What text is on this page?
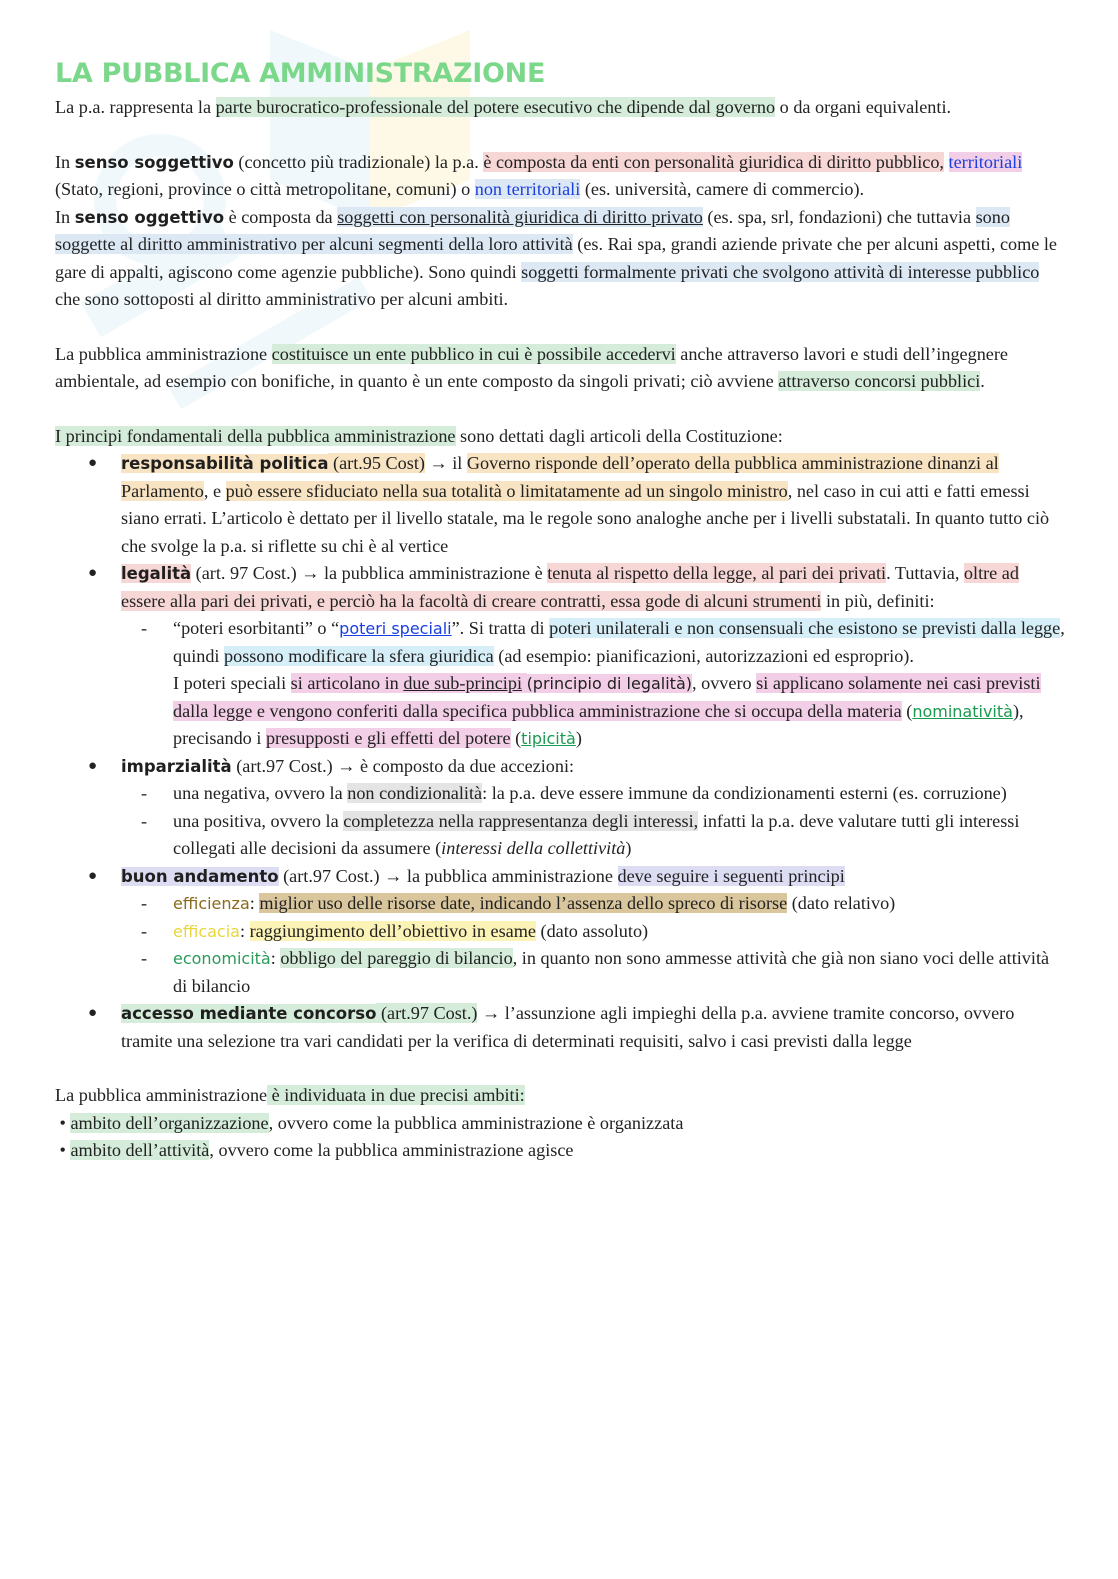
LA PUBBLICA AMMINISTRAZIONE

La p.a. rappresenta la parte burocratico-professionale del potere esecutivo che dipende dal governo o da organi equivalenti.

In senso soggettivo (concetto più tradizionale) la p.a. è composta da enti con personalità giuridica di diritto pubblico, territoriali (Stato, regioni, province o città metropolitane, comuni) o non territoriali (es. università, camere di commercio).
In senso oggettivo è composta da soggetti con personalità giuridica di diritto privato (es. spa, srl, fondazioni) che tuttavia sono soggette al diritto amministrativo per alcuni segmenti della loro attività (es. Rai spa, grandi aziende private che per alcuni aspetti, come le gare di appalti, agiscono come agenzie pubbliche). Sono quindi soggetti formalmente privati che svolgono attività di interesse pubblico che sono sottoposti al diritto amministrativo per alcuni ambiti.

La pubblica amministrazione costituisce un ente pubblico in cui è possibile accedervi anche attraverso lavori e studi dell’ingegnere ambientale, ad esempio con bonifiche, in quanto è un ente composto da singoli privati; ciò avviene attraverso concorsi pubblici.

I principi fondamentali della pubblica amministrazione sono dettati dagli articoli della Costituzione:

● responsabilità politica (art.95 Cost) → il Governo risponde dell’operato della pubblica amministrazione dinanzi al Parlamento, e può essere sfiduciato nella sua totalità o limitatamente ad un singolo ministro, nel caso in cui atti e fatti emessi siano errati. L’articolo è dettato per il livello statale, ma le regole sono analoghe anche per i livelli substatali. In quanto tutto ciò che svolge la p.a. si riflette su chi è al vertice
● legalità (art. 97 Cost.) → la pubblica amministrazione è tenuta al rispetto della legge, al pari dei privati. Tuttavia, oltre ad essere alla pari dei privati, e perciò ha la facoltà di creare contratti, essa gode di alcuni strumenti in più, definiti:
- “poteri esorbitanti” o “poteri speciali”. Si tratta di poteri unilaterali e non consensuali che esistono se previsti dalla legge, quindi possono modificare la sfera giuridica (ad esempio: pianificazioni, autorizzazioni ed esproprio).
I poteri speciali si articolano in due sub-principi (principio di legalità), ovvero si applicano solamente nei casi previsti dalla legge e vengono conferiti dalla specifica pubblica amministrazione che si occupa della materia (nominatività), precisando i presupposti e gli effetti del potere (tipicità)
● imparzialità (art.97 Cost.) → è composto da due accezioni:
- una negativa, ovvero la non condizionalità: la p.a. deve essere immune da condizionamenti esterni (es. corruzione)
- una positiva, ovvero la completezza nella rappresentanza degli interessi, infatti la p.a. deve valutare tutti gli interessi collegati alle decisioni da assumere (interessi della collettività)
● buon andamento (art.97 Cost.) → la pubblica amministrazione deve seguire i seguenti principi
- efficienza: miglior uso delle risorse date, indicando l’assenza dello spreco di risorse (dato relativo)
- efficacia: raggiungimento dell’obiettivo in esame (dato assoluto)
- economicità: obbligo del pareggio di bilancio, in quanto non sono ammesse attività che già non siano voci delle attività di bilancio
● accesso mediante concorso (art.97 Cost.) → l’assunzione agli impieghi della p.a. avviene tramite concorso, ovvero tramite una selezione tra vari candidati per la verifica di determinati requisiti, salvo i casi previsti dalla legge

La pubblica amministrazione è individuata in due precisi ambiti:

• ambito dell’organizzazione, ovvero come la pubblica amministrazione è organizzata

• ambito dell’attività, ovvero come la pubblica amministrazione agisce
